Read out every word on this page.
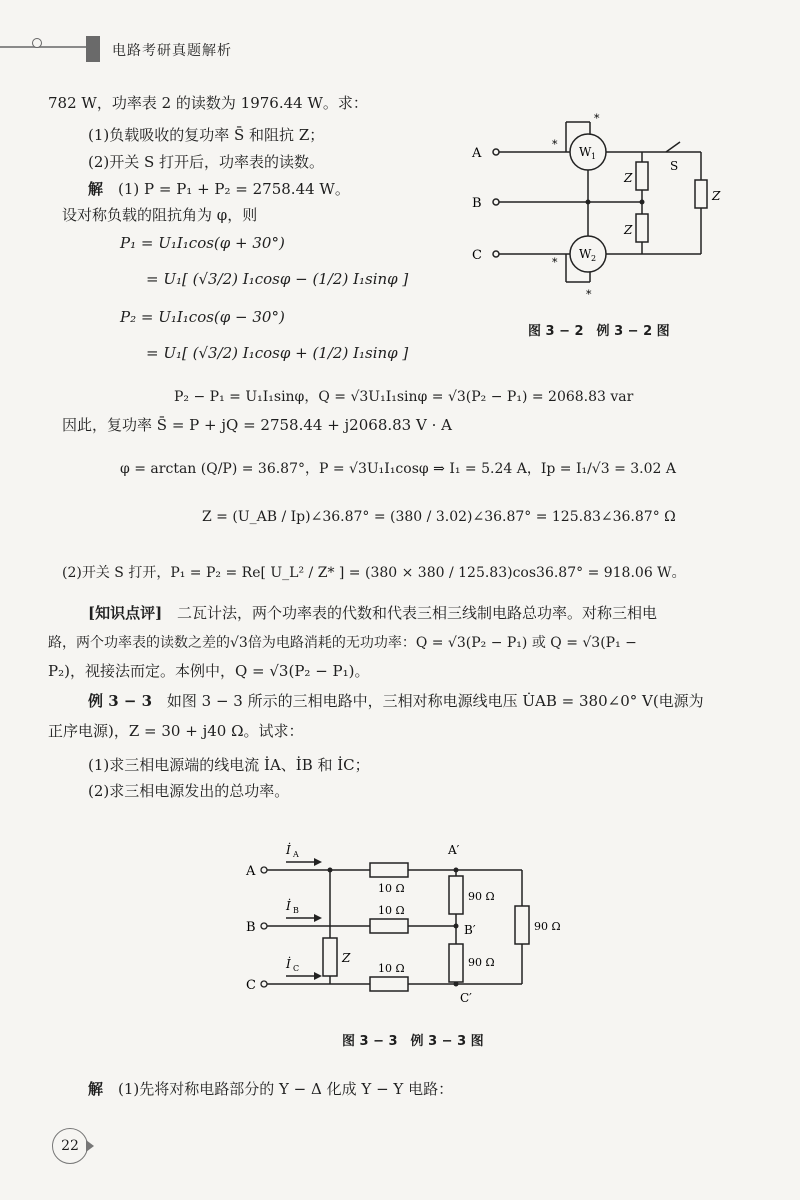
电路考研真题解析
782 W，功率表 2 的读数为 1976.44 W。求：
(1)负载吸收的复功率 S̄ 和阻抗 Z；
(2)开关 S 打开后，功率表的读数。
解 (1) P = P₁ + P₂ = 2758.44 W。
设对称负载的阻抗角为 φ，则
P₁ = U₁I₁cos(φ + 30°)
= U₁[ (√3/2) I₁cosφ − (1/2) I₁sinφ ]
P₂ = U₁I₁cos(φ − 30°)
= U₁[ (√3/2) I₁cosφ + (1/2) I₁sinφ ]
P₂ − P₁ = U₁I₁sinφ，Q = √3U₁I₁sinφ = √3(P₂ − P₁) = 2068.83 var
因此，复功率 S̄ = P + jQ = 2758.44 + j2068.83 V · A
φ = arctan (Q/P) = 36.87°，P = √3U₁I₁cosφ ⇒ I₁ = 5.24 A，Ip = I₁/√3 = 3.02 A
Z = (U_AB / Ip)∠36.87° = (380 / 3.02)∠36.87° = 125.83∠36.87° Ω
(2)开关 S 打开，P₁ = P₂ = Re[ U_L² / Z* ] = (380 × 380 / 125.83)cos36.87° = 918.06 W。
A
B
C
W 1
W 2
*
*
*
*
Z
Z
Z
S
图 3 − 2　例 3 − 2 图
[知识点评] 二瓦计法，两个功率表的代数和代表三相三线制电路总功率。对称三相电
路，两个功率表的读数之差的√3倍为电路消耗的无功功率：Q = √3(P₂ − P₁) 或 Q = √3(P₁ −
P₂)，视接法而定。本例中，Q = √3(P₂ − P₁)。
例 3 − 3 如图 3 − 3 所示的三相电路中，三相对称电源线电压 U̇AB = 380∠0° V(电源为
正序电源)，Z = 30 + j40 Ω。试求：
(1)求三相电源端的线电流 İA、İB 和 İC；
(2)求三相电源发出的总功率。
A
B
C
İ A
İ B
İ C
A′
B′
C′
10 Ω
10 Ω
10 Ω
90 Ω
90 Ω
90 Ω
Z
图 3 − 3　例 3 − 3 图
解 (1)先将对称电路部分的 Y − Δ 化成 Y − Y 电路：
22
